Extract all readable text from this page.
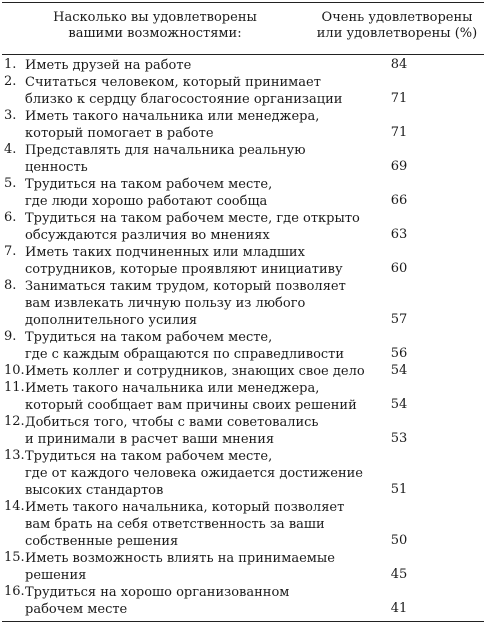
Насколько вы удовлетворены
вашими возможностями:
Очень удовлетворены
или удовлетворены (%)
1. Иметь друзей на работе	84
2. Считаться человеком, который принимает
близко к сердцу благосостояние организации	71
3. Иметь такого начальника или менеджера,
который помогает в работе	71
4. Представлять для начальника реальную
ценность	69
5. Трудиться на таком рабочем месте,
где люди хорошо работают сообща	66
6. Трудиться на таком рабочем месте, где открыто
обсуждаются различия во мнениях	63
7. Иметь таких подчиненных или младших
сотрудников, которые проявляют инициативу	60
8. Заниматься таким трудом, который позволяет
вам извлекать личную пользу из любого
дополнительного усилия	57
9. Трудиться на таком рабочем месте,
где с каждым обращаются по справедливости	56
10. Иметь коллег и сотрудников, знающих свое дело	54
11. Иметь такого начальника или менеджера,
который сообщает вам причины своих решений	54
12. Добиться того, чтобы с вами советовались
и принимали в расчет ваши мнения	53
13. Трудиться на таком рабочем месте,
где от каждого человека ожидается достижение
высоких стандартов	51
14. Иметь такого начальника, который позволяет
вам брать на себя ответственность за ваши
собственные решения	50
15. Иметь возможность влиять на принимаемые
решения	45
16. Трудиться на хорошо организованном
рабочем месте	41
